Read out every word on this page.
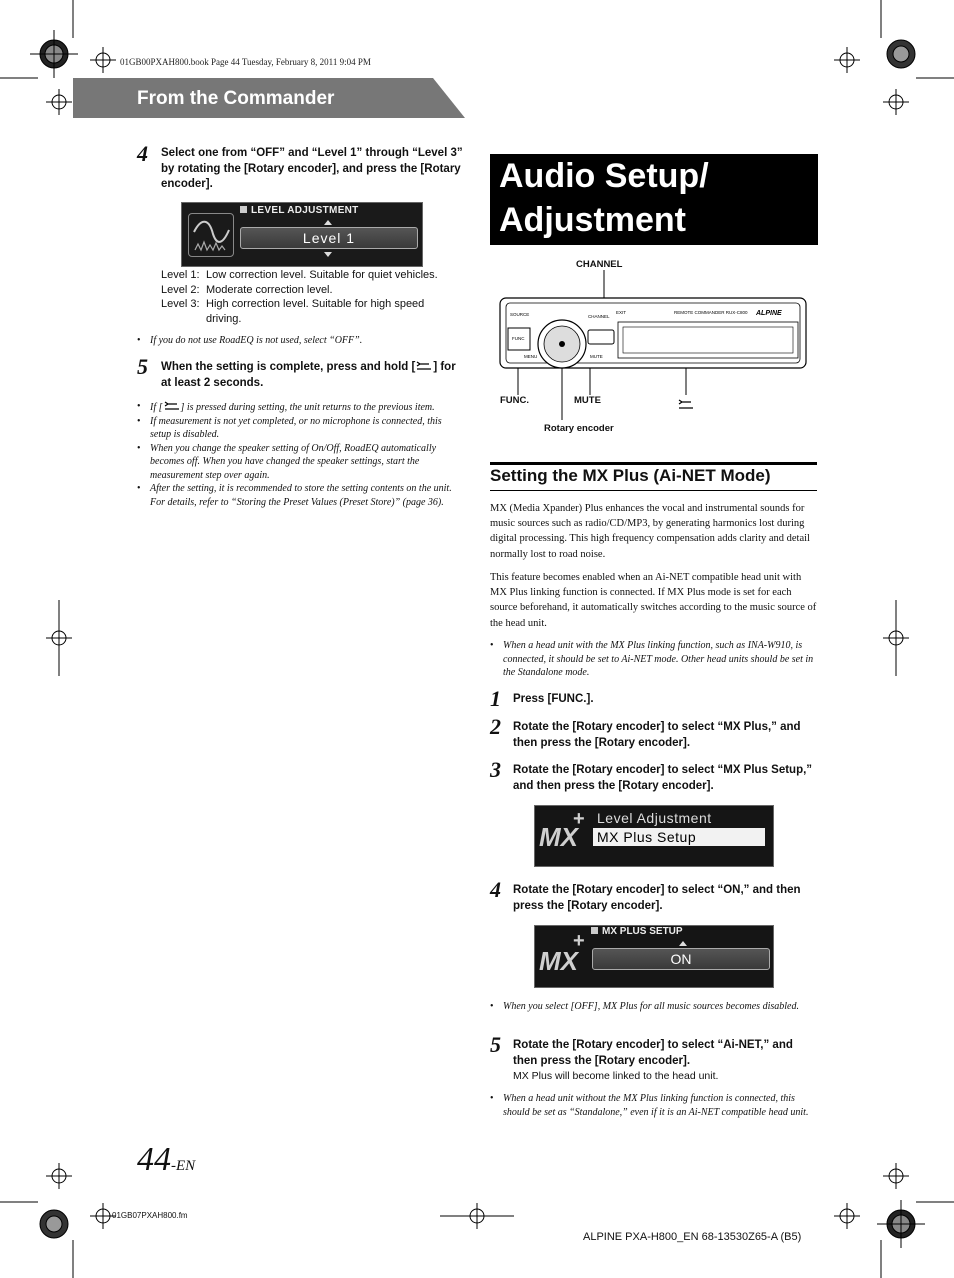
01GB00PXAH800.book Page 44 Tuesday, February 8, 2011 9:04 PM
From the Commander
4 Select one from “OFF” and “Level 1” through “Level 3” by rotating the [Rotary encoder], and press the [Rotary encoder].
LEVEL ADJUSTMENT
Level 1
Level 1:	Low correction level. Suitable for quiet vehicles.
Level 2:	Moderate correction level.
Level 3:	High correction level. Suitable for high speed driving.
• If you do not use RoadEQ is not used, select “OFF”.
5 When the setting is complete, press and hold [ ] for at least 2 seconds.
• If [ ] is pressed during setting, the unit returns to the previous item.
• If measurement is not yet completed, or no microphone is connected, this setup is disabled.
• When you change the speaker setting of On/Off, RoadEQ automatically becomes off. When you have changed the speaker settings, start the measurement step over again.
• After the setting, it is recommended to store the setting contents on the unit. For details, refer to “Storing the Preset Values (Preset Store)” (page 36).
Audio Setup/ Adjustment
CHANNEL
SOURCE	CHANNEL
FUNC
MENU	MUTE
EXIT	REMOTE COMMANDER RUX-C800 ALPINE
FUNC.	MUTE
Rotary encoder
Setting the MX Plus (Ai-NET Mode)
MX (Media Xpander) Plus enhances the vocal and instrumental sounds for music sources such as radio/CD/MP3, by generating harmonics lost during digital processing. This high frequency compensation adds clarity and detail normally lost to road noise.
This feature becomes enabled when an Ai-NET compatible head unit with MX Plus linking function is connected. If MX Plus mode is set for each source beforehand, it automatically switches according to the music source of the head unit.
• When a head unit with the MX Plus linking function, such as INA-W910, is connected, it should be set to Ai-NET mode. Other head units should be set in the Standalone mode.
1 Press [FUNC.].
2 Rotate the [Rotary encoder] to select “MX Plus,” and then press the [Rotary encoder].
3 Rotate the [Rotary encoder] to select “MX Plus Setup,” and then press the [Rotary encoder].
MX
+ Level Adjustment
MX Plus Setup
4 Rotate the [Rotary encoder] to select “ON,” and then press the [Rotary encoder].
MX
+	MX PLUS SETUP
ON
• When you select [OFF], MX Plus for all music sources becomes disabled.
5 Rotate the [Rotary encoder] to select “Ai-NET,” and then press the [Rotary encoder].
MX Plus will become linked to the head unit.
• When a head unit without the MX Plus linking function is connected, this should be set as “Standalone,” even if it is an Ai-NET compatible head unit.
44-EN
01GB07PXAH800.fm
ALPINE PXA-H800_EN 68-13530Z65-A (B5)
